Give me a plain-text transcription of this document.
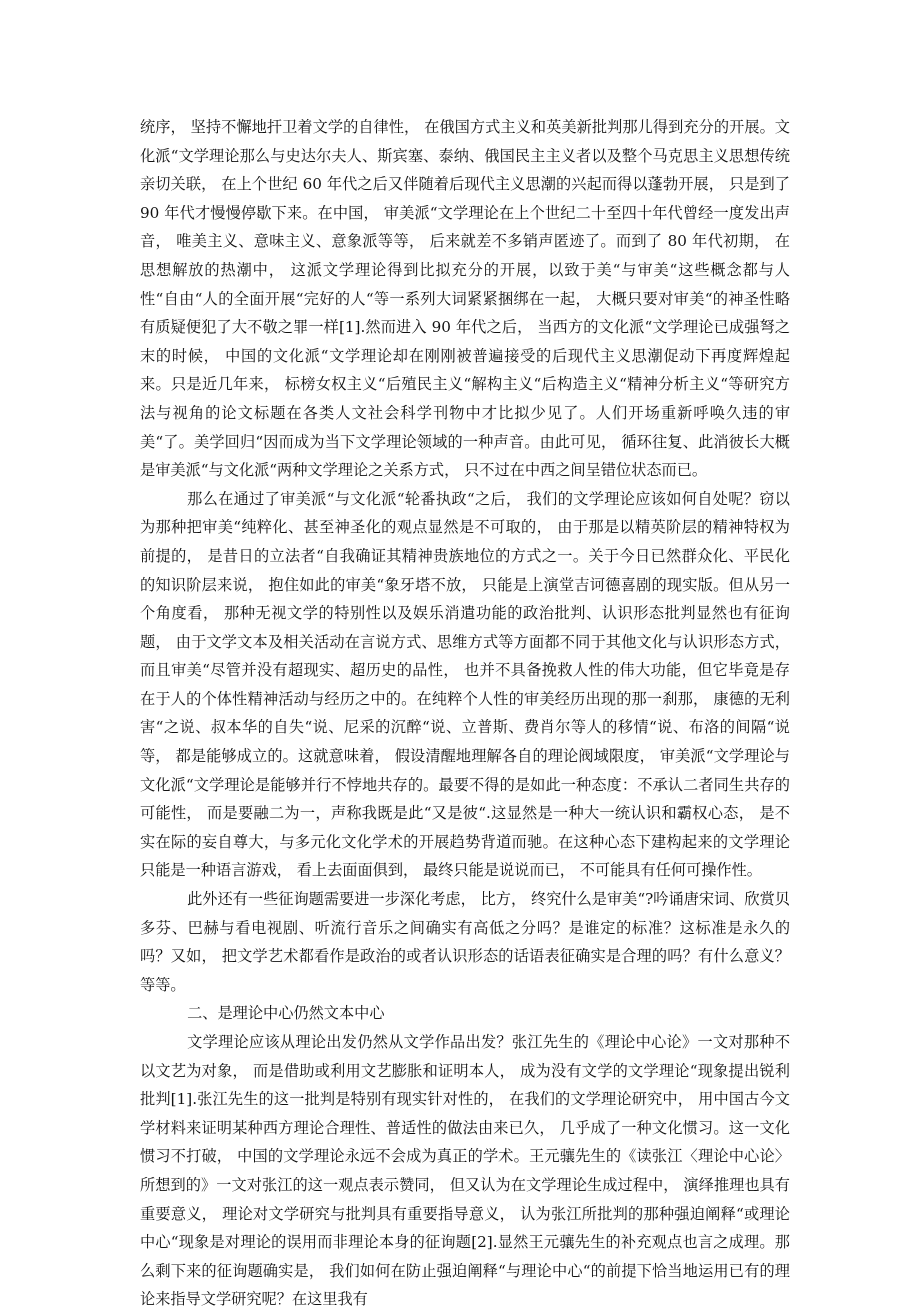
统序， 坚持不懈地扞卫着文学的自律性， 在俄国方式主义和英美新批判那儿得到充分的开展。文化派“文学理论那么与史达尔夫人、斯宾塞、泰纳、俄国民主主义者以及整个马克思主义思想传统亲切关联， 在上个世纪 60 年代之后又伴随着后现代主义思潮的兴起而得以蓬勃开展， 只是到了 90 年代才慢慢停歇下来。在中国， 审美派“文学理论在上个世纪二十至四十年代曾经一度发出声音， 唯美主义、意味主义、意象派等等， 后来就差不多销声匿迹了。而到了 80 年代初期， 在思想解放的热潮中， 这派文学理论得到比拟充分的开展，以致于美“与审美“这些概念都与人性“自由“人的全面开展“完好的人“等一系列大词紧紧捆绑在一起， 大概只要对审美“的神圣性略有质疑便犯了大不敬之罪一样[1].然而进入 90 年代之后， 当西方的文化派“文学理论已成强弩之末的时候， 中国的文化派“文学理论却在刚刚被普遍接受的后现代主义思潮促动下再度辉煌起来。只是近几年来， 标榜女权主义“后殖民主义“解构主义“后构造主义“精神分析主义“等研究方法与视角的论文标题在各类人文社会科学刊物中才比拟少见了。人们开场重新呼唤久违的审美“了。美学回归“因而成为当下文学理论领域的一种声音。由此可见， 循环往复、此消彼长大概是审美派“与文化派“两种文学理论之关系方式， 只不过在中西之间呈错位状态而已。

那么在通过了审美派“与文化派“轮番执政“之后， 我们的文学理论应该如何自处呢？窃以为那种把审美“纯粹化、甚至神圣化的观点显然是不可取的， 由于那是以精英阶层的精神特权为前提的， 是昔日的立法者“自我确证其精神贵族地位的方式之一。关于今日已然群众化、平民化的知识阶层来说， 抱住如此的审美“象牙塔不放， 只能是上演堂吉诃德喜剧的现实版。但从另一个角度看， 那种无视文学的特别性以及娱乐消遣功能的政治批判、认识形态批判显然也有征询题， 由于文学文本及相关活动在言说方式、思维方式等方面都不同于其他文化与认识形态方式， 而且审美“尽管并没有超现实、超历史的品性， 也并不具备挽救人性的伟大功能，但它毕竟是存在于人的个体性精神活动与经历之中的。在纯粹个人性的审美经历出现的那一刹那， 康德的无利害“之说、叔本华的自失“说、尼采的沉醉“说、立普斯、费肖尔等人的移情“说、布洛的间隔“说等， 都是能够成立的。这就意味着， 假设清醒地理解各自的理论阀域限度， 审美派“文学理论与文化派“文学理论是能够并行不悖地共存的。最要不得的是如此一种态度：不承认二者同生共存的可能性， 而是要融二为一，声称我既是此“又是彼“.这显然是一种大一统认识和霸权心态， 是不实在际的妄自尊大，与多元化文化学术的开展趋势背道而驰。在这种心态下建构起来的文学理论只能是一种语言游戏， 看上去面面俱到， 最终只能是说说而已， 不可能具有任何可操作性。

此外还有一些征询题需要进一步深化考虑， 比方， 终究什么是审美“?吟诵唐宋词、欣赏贝多芬、巴赫与看电视剧、听流行音乐之间确实有高低之分吗？是谁定的标准？这标准是永久的吗？又如， 把文学艺术都看作是政治的或者认识形态的话语表征确实是合理的吗？有什么意义？等等。

二、是理论中心仍然文本中心

文学理论应该从理论出发仍然从文学作品出发？张江先生的《理论中心论》一文对那种不以文艺为对象， 而是借助或利用文艺膨胀和证明本人， 成为没有文学的文学理论“现象提出锐利批判[1].张江先生的这一批判是特别有现实针对性的， 在我们的文学理论研究中， 用中国古今文学材料来证明某种西方理论合理性、普适性的做法由来已久， 几乎成了一种文化惯习。这一文化惯习不打破， 中国的文学理论永远不会成为真正的学术。王元骧先生的《读张江〈理论中心论〉所想到的》一文对张江的这一观点表示赞同， 但又认为在文学理论生成过程中， 演绎推理也具有重要意义， 理论对文学研究与批判具有重要指导意义， 认为张江所批判的那种强迫阐释“或理论中心“现象是对理论的误用而非理论本身的征询题[2].显然王元骧先生的补充观点也言之成理。那么剩下来的征询题确实是， 我们如何在防止强迫阐释“与理论中心“的前提下恰当地运用已有的理论来指导文学研究呢？在这里我有
